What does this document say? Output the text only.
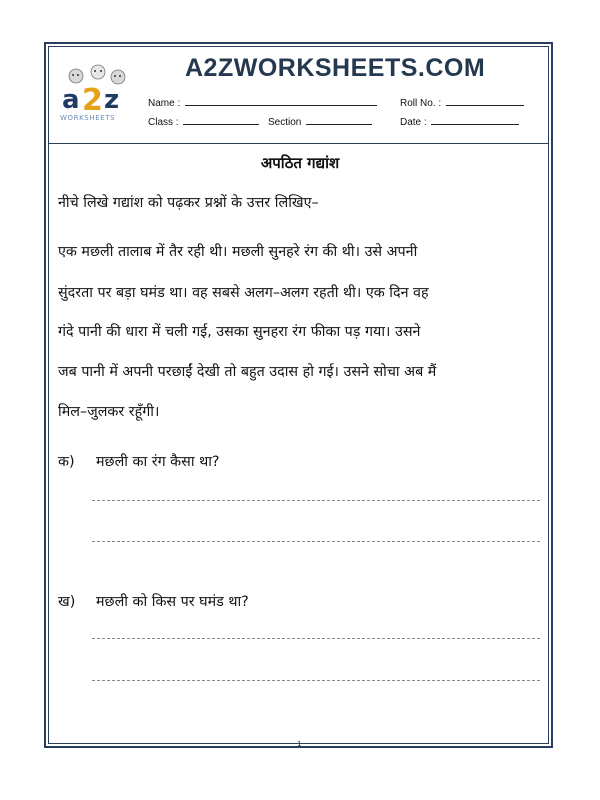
a 2 z
WORKSHEETS
A2ZWORKSHEETS.COM
Name :	Roll No. :
Class :	Section	Date :
अपठित गद्यांश
नीचे लिखे गद्यांश को पढ़कर प्रश्नों के उत्तर लिखिए–
एक मछली तालाब में तैर रही थी। मछली सुनहरे रंग की थी। उसे अपनी
सुंदरता पर बड़ा घमंड था। वह सबसे अलग–अलग रहती थी। एक दिन वह
गंदे पानी की धारा में चली गई, उसका सुनहरा रंग फीका पड़ गया। उसने
जब पानी में अपनी परछाईं देखी तो बहुत उदास हो गई। उसने सोचा अब मैं
मिल–जुलकर रहूँगी।
क) मछली का रंग कैसा था?
ख) मछली को किस पर घमंड था?
1
